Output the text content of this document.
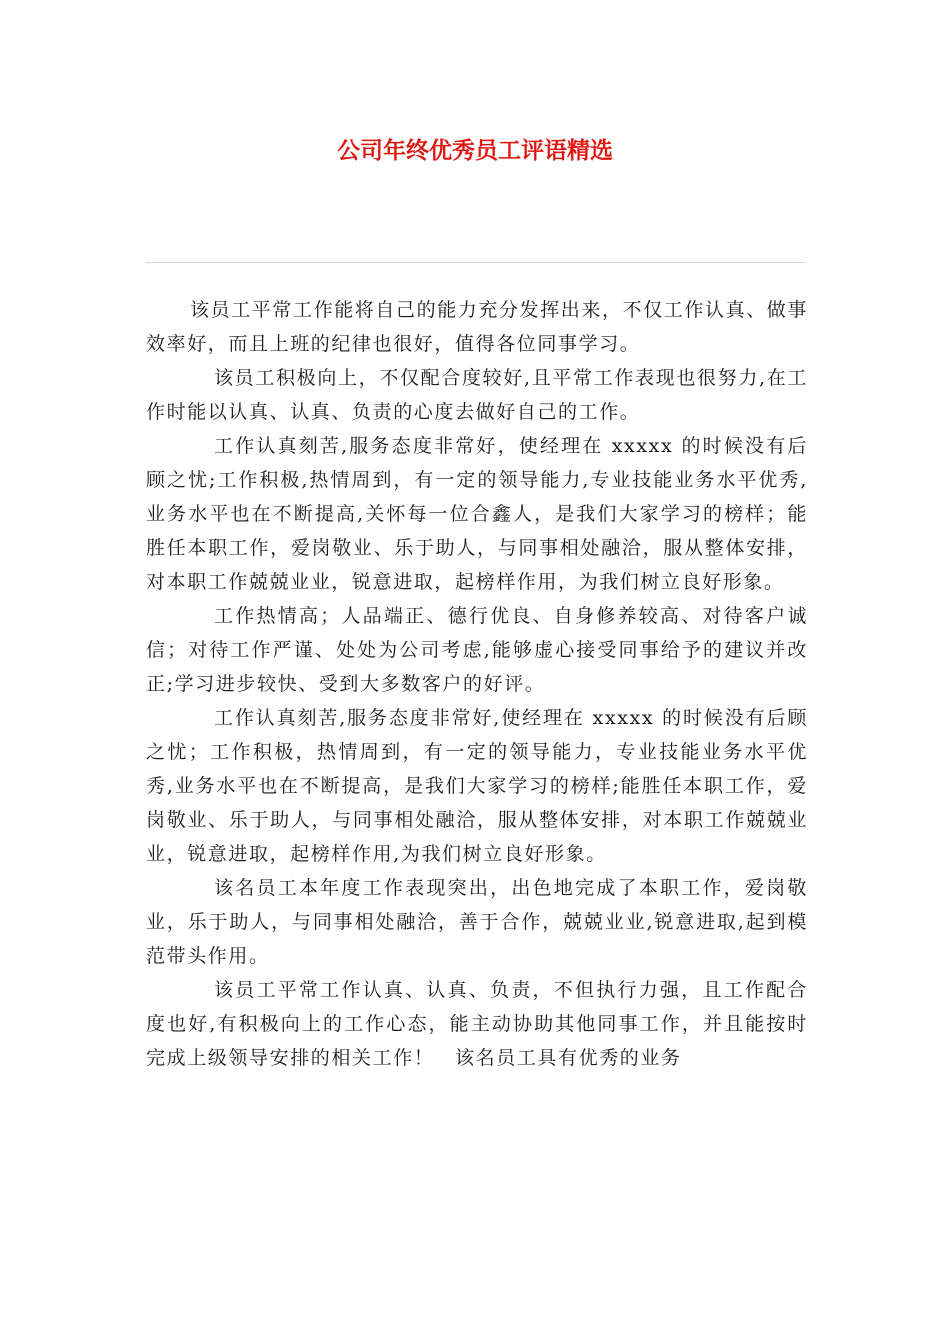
公司年终优秀员工评语精选

该员工平常工作能将自己的能力充分发挥出来，不仅工作认真、做事效率好，而且上班的纪律也很好，值得各位同事学习。

该员工积极向上，不仅配合度较好,且平常工作表现也很努力,在工作时能以认真、认真、负责的心度去做好自己的工作。

工作认真刻苦,服务态度非常好，使经理在 xxxxx 的时候没有后顾之忧;工作积极,热情周到，有一定的领导能力,专业技能业务水平优秀,业务水平也在不断提高,关怀每一位合鑫人，是我们大家学习的榜样；能胜任本职工作，爱岗敬业、乐于助人，与同事相处融洽，服从整体安排，对本职工作兢兢业业，锐意进取，起榜样作用，为我们树立良好形象。

工作热情高；人品端正、德行优良、自身修养较高、对待客户诚信；对待工作严谨、处处为公司考虑,能够虚心接受同事给予的建议并改正;学习进步较快、受到大多数客户的好评。

工作认真刻苦,服务态度非常好,使经理在 xxxxx 的时候没有后顾之忧；工作积极，热情周到，有一定的领导能力，专业技能业务水平优秀,业务水平也在不断提高，是我们大家学习的榜样;能胜任本职工作，爱岗敬业、乐于助人，与同事相处融洽，服从整体安排，对本职工作兢兢业业，锐意进取，起榜样作用,为我们树立良好形象。

该名员工本年度工作表现突出，出色地完成了本职工作，爱岗敬业，乐于助人，与同事相处融洽，善于合作，兢兢业业,锐意进取,起到模范带头作用。

该员工平常工作认真、认真、负责，不但执行力强，且工作配合度也好,有积极向上的工作心态，能主动协助其他同事工作，并且能按时完成上级领导安排的相关工作！　该名员工具有优秀的业务
